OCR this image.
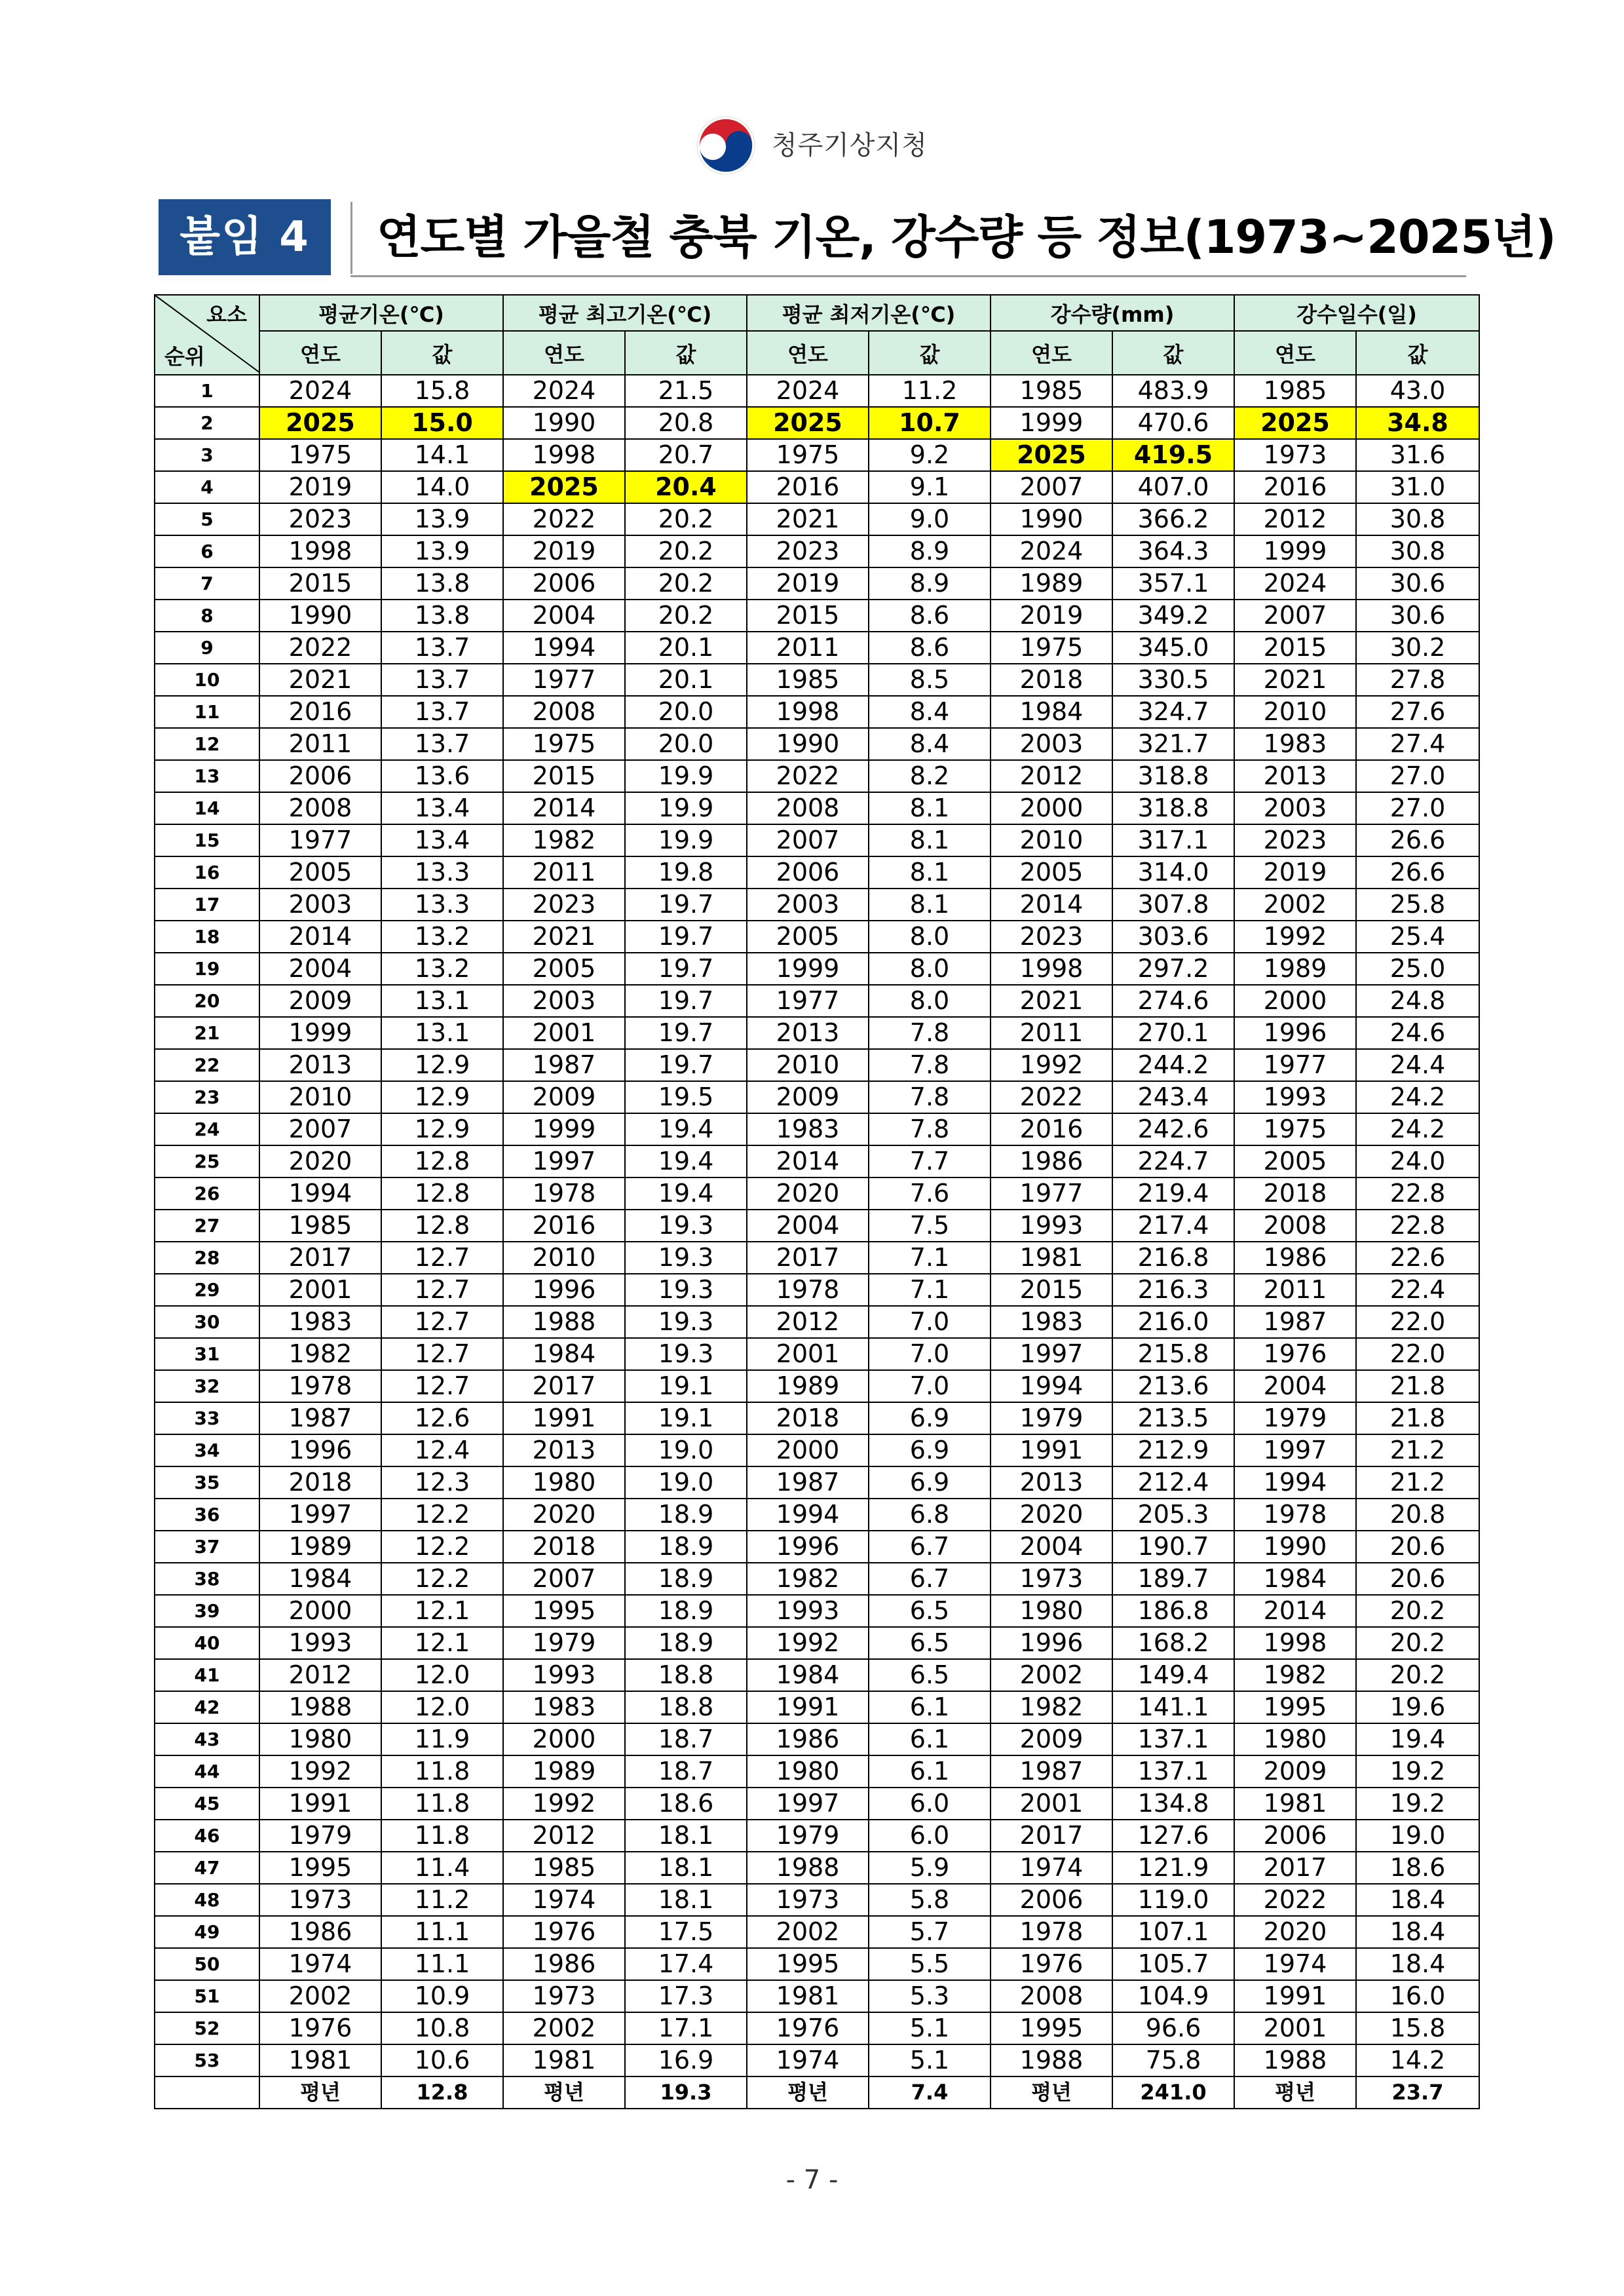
청주기상지청
붙임 4	연도별 가을철 충북 기온, 강수량 등 정보(1973~2025년)
요소
순위	평균기온(℃)		평균 최고기온(℃)		평균 최저기온(℃)		강수량(mm)		강수일수(일)	
	연도	값	연도	값	연도	값	연도	값	연도	값
1	2024	15.8	2024	21.5	2024	11.2	1985	483.9	1985	43.0
2	2025	15.0	1990	20.8	2025	10.7	1999	470.6	2025	34.8
3	1975	14.1	1998	20.7	1975	9.2	2025	419.5	1973	31.6
4	2019	14.0	2025	20.4	2016	9.1	2007	407.0	2016	31.0
5	2023	13.9	2022	20.2	2021	9.0	1990	366.2	2012	30.8
6	1998	13.9	2019	20.2	2023	8.9	2024	364.3	1999	30.8
7	2015	13.8	2006	20.2	2019	8.9	1989	357.1	2024	30.6
8	1990	13.8	2004	20.2	2015	8.6	2019	349.2	2007	30.6
9	2022	13.7	1994	20.1	2011	8.6	1975	345.0	2015	30.2
10	2021	13.7	1977	20.1	1985	8.5	2018	330.5	2021	27.8
11	2016	13.7	2008	20.0	1998	8.4	1984	324.7	2010	27.6
12	2011	13.7	1975	20.0	1990	8.4	2003	321.7	1983	27.4
13	2006	13.6	2015	19.9	2022	8.2	2012	318.8	2013	27.0
14	2008	13.4	2014	19.9	2008	8.1	2000	318.8	2003	27.0
15	1977	13.4	1982	19.9	2007	8.1	2010	317.1	2023	26.6
16	2005	13.3	2011	19.8	2006	8.1	2005	314.0	2019	26.6
17	2003	13.3	2023	19.7	2003	8.1	2014	307.8	2002	25.8
18	2014	13.2	2021	19.7	2005	8.0	2023	303.6	1992	25.4
19	2004	13.2	2005	19.7	1999	8.0	1998	297.2	1989	25.0
20	2009	13.1	2003	19.7	1977	8.0	2021	274.6	2000	24.8
21	1999	13.1	2001	19.7	2013	7.8	2011	270.1	1996	24.6
22	2013	12.9	1987	19.7	2010	7.8	1992	244.2	1977	24.4
23	2010	12.9	2009	19.5	2009	7.8	2022	243.4	1993	24.2
24	2007	12.9	1999	19.4	1983	7.8	2016	242.6	1975	24.2
25	2020	12.8	1997	19.4	2014	7.7	1986	224.7	2005	24.0
26	1994	12.8	1978	19.4	2020	7.6	1977	219.4	2018	22.8
27	1985	12.8	2016	19.3	2004	7.5	1993	217.4	2008	22.8
28	2017	12.7	2010	19.3	2017	7.1	1981	216.8	1986	22.6
29	2001	12.7	1996	19.3	1978	7.1	2015	216.3	2011	22.4
30	1983	12.7	1988	19.3	2012	7.0	1983	216.0	1987	22.0
31	1982	12.7	1984	19.3	2001	7.0	1997	215.8	1976	22.0
32	1978	12.7	2017	19.1	1989	7.0	1994	213.6	2004	21.8
33	1987	12.6	1991	19.1	2018	6.9	1979	213.5	1979	21.8
34	1996	12.4	2013	19.0	2000	6.9	1991	212.9	1997	21.2
35	2018	12.3	1980	19.0	1987	6.9	2013	212.4	1994	21.2
36	1997	12.2	2020	18.9	1994	6.8	2020	205.3	1978	20.8
37	1989	12.2	2018	18.9	1996	6.7	2004	190.7	1990	20.6
38	1984	12.2	2007	18.9	1982	6.7	1973	189.7	1984	20.6
39	2000	12.1	1995	18.9	1993	6.5	1980	186.8	2014	20.2
40	1993	12.1	1979	18.9	1992	6.5	1996	168.2	1998	20.2
41	2012	12.0	1993	18.8	1984	6.5	2002	149.4	1982	20.2
42	1988	12.0	1983	18.8	1991	6.1	1982	141.1	1995	19.6
43	1980	11.9	2000	18.7	1986	6.1	2009	137.1	1980	19.4
44	1992	11.8	1989	18.7	1980	6.1	1987	137.1	2009	19.2
45	1991	11.8	1992	18.6	1997	6.0	2001	134.8	1981	19.2
46	1979	11.8	2012	18.1	1979	6.0	2017	127.6	2006	19.0
47	1995	11.4	1985	18.1	1988	5.9	1974	121.9	2017	18.6
48	1973	11.2	1974	18.1	1973	5.8	2006	119.0	2022	18.4
49	1986	11.1	1976	17.5	2002	5.7	1978	107.1	2020	18.4
50	1974	11.1	1986	17.4	1995	5.5	1976	105.7	1974	18.4
51	2002	10.9	1973	17.3	1981	5.3	2008	104.9	1991	16.0
52	1976	10.8	2002	17.1	1976	5.1	1995	96.6	2001	15.8
53	1981	10.6	1981	16.9	1974	5.1	1988	75.8	1988	14.2
	평년	12.8	평년	19.3	평년	7.4	평년	241.0	평년	23.7
- 7 -
